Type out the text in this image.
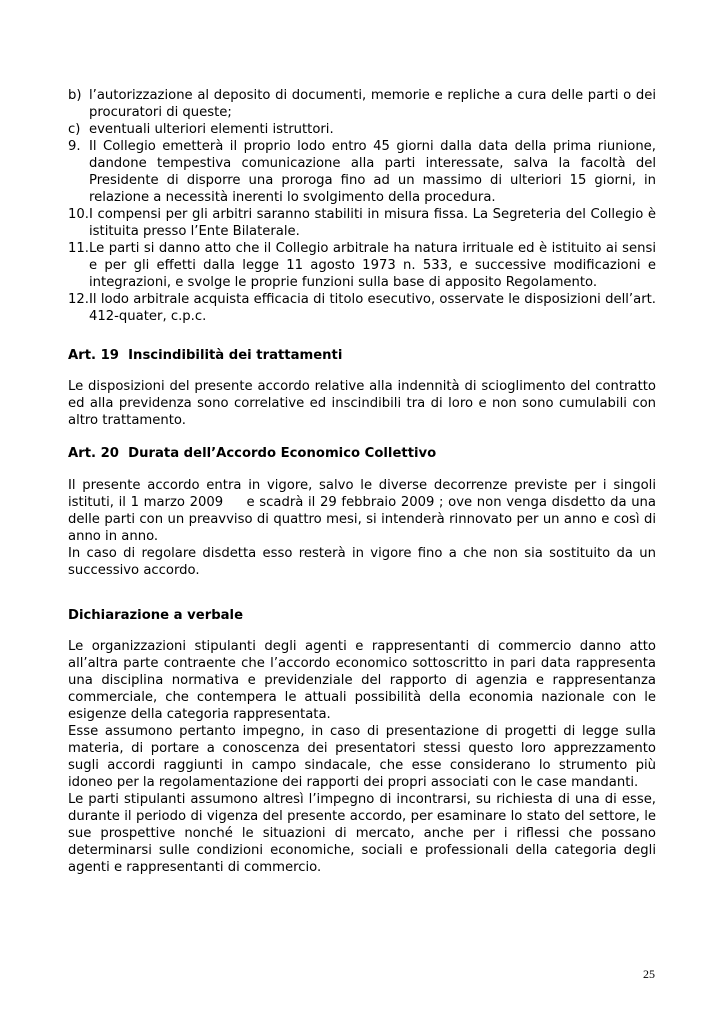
b) l’autorizzazione al deposito di documenti, memorie e repliche a cura delle parti o dei procuratori di queste;
c) eventuali ulteriori elementi istruttori.
9. Il Collegio emetterà il proprio lodo entro 45 giorni dalla data della prima riunione, dandone tempestiva comunicazione alla parti interessate, salva la facoltà del Presidente di disporre una proroga fino ad un massimo di ulteriori 15 giorni, in relazione a necessità inerenti lo svolgimento della procedura.
10. I compensi per gli arbitri saranno stabiliti in misura fissa. La Segreteria del Collegio è istituita presso l’Ente Bilaterale.
11. Le parti si danno atto che il Collegio arbitrale ha natura irrituale ed è istituito ai sensi e per gli effetti dalla legge 11 agosto 1973 n. 533, e successive modificazioni e integrazioni, e svolge le proprie funzioni sulla base di apposito Regolamento.
12. Il lodo arbitrale acquista efficacia di titolo esecutivo, osservate le disposizioni dell’art. 412-quater, c.p.c.
Art. 19  Inscindibilità dei trattamenti

Le disposizioni del presente accordo relative alla indennità di scioglimento del contratto ed alla previdenza sono correlative ed inscindibili tra di loro e non sono cumulabili con altro trattamento.

Art. 20  Durata dell’Accordo Economico Collettivo

Il presente accordo entra in vigore, salvo le diverse decorrenze previste per i singoli istituti, il 1 marzo 2009     e scadrà il 29 febbraio 2009 ; ove non venga disdetto da una delle parti con un preavviso di quattro mesi, si intenderà rinnovato per un anno e così di anno in anno.

In caso di regolare disdetta esso resterà in vigore fino a che non sia sostituito da un successivo accordo.

Dichiarazione a verbale

Le organizzazioni stipulanti degli agenti e rappresentanti di commercio danno atto all’altra parte contraente che l’accordo economico sottoscritto in pari data rappresenta una disciplina normativa e previdenziale del rapporto di agenzia e rappresentanza commerciale, che contempera le attuali possibilità della economia nazionale con le esigenze della categoria rappresentata.

Esse assumono pertanto impegno, in caso di presentazione di progetti di legge sulla materia, di portare a conoscenza dei presentatori stessi questo loro apprezzamento sugli accordi raggiunti in campo sindacale, che esse considerano lo strumento più idoneo per la regolamentazione dei rapporti dei propri associati con le case mandanti.

Le parti stipulanti assumono altresì l’impegno di incontrarsi, su richiesta di una di esse, durante il periodo di vigenza del presente accordo, per esaminare lo stato del settore, le sue prospettive nonché le situazioni di mercato, anche per i riflessi che possano determinarsi sulle condizioni economiche, sociali e professionali della categoria degli agenti e rappresentanti di commercio.

25
